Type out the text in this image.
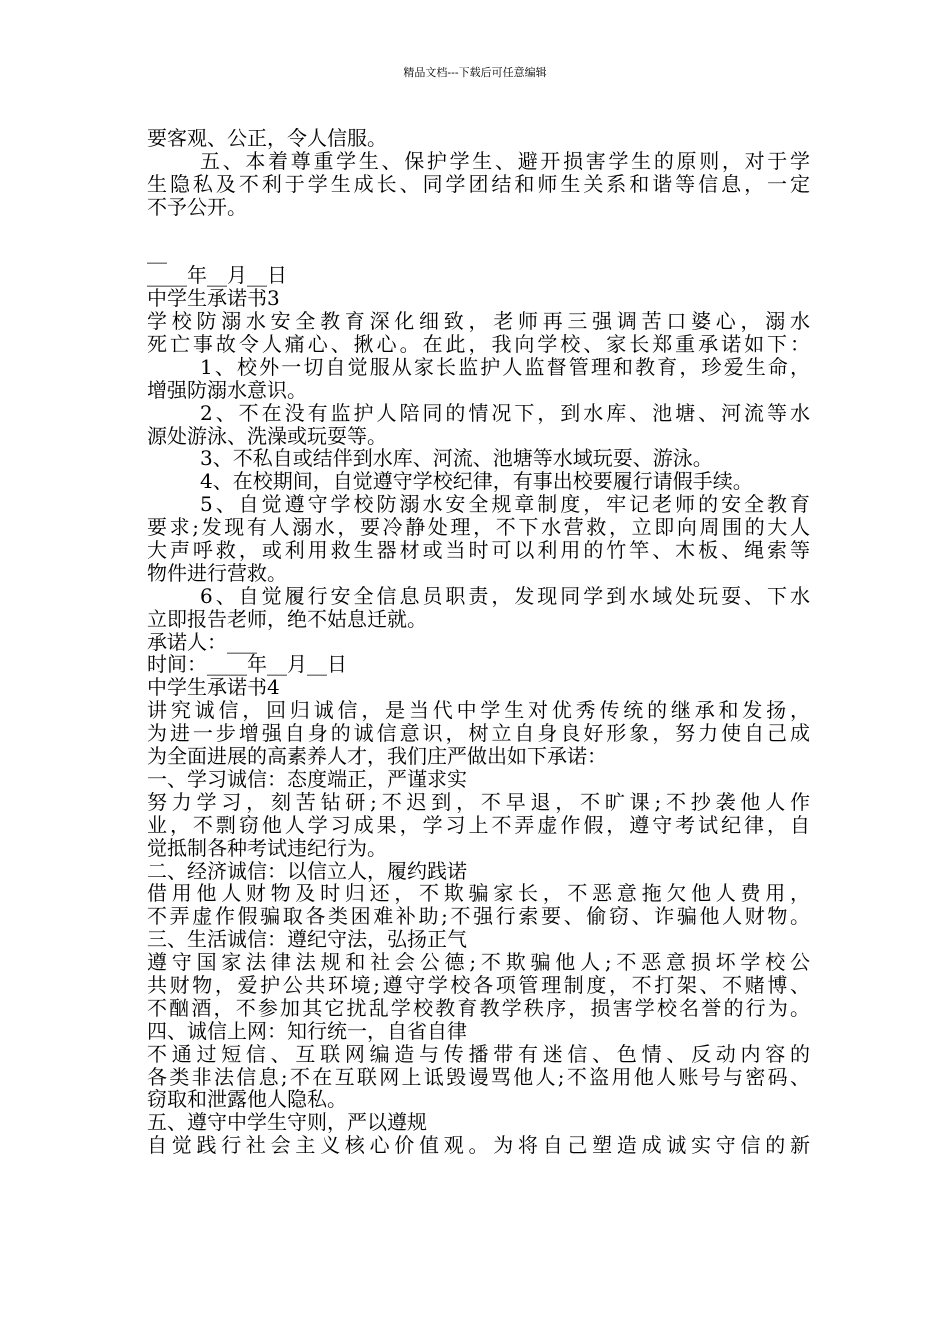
精品文档---下载后可任意编辑
要客观、公正，令人信服。
五、本着尊重学生、保护学生、避开损害学生的原则，对于学
生隐私及不利于学生成长、同学团结和师生关系和谐等信息，一定
不予公开。
__
____年__月__日
中学生承诺书3
学校防溺水安全教育深化细致，老师再三强调苦口婆心，溺水
死亡事故令人痛心、揪心。在此，我向学校、家长郑重承诺如下：
1、校外一切自觉服从家长监护人监督管理和教育，珍爱生命，
增强防溺水意识。
2、不在没有监护人陪同的情况下，到水库、池塘、河流等水
源处游泳、洗澡或玩耍等。
3、不私自或结伴到水库、河流、池塘等水域玩耍、游泳。
4、在校期间，自觉遵守学校纪律，有事出校要履行请假手续。
5、自觉遵守学校防溺水安全规章制度，牢记老师的安全教育
要求;发现有人溺水，要冷静处理，不下水营救，立即向周围的大人
大声呼救，或利用救生器材或当时可以利用的竹竿、木板、绳索等
物件进行营救。
6、自觉履行安全信息员职责，发现同学到水域处玩耍、下水
立即报告老师，绝不姑息迁就。
承诺人：___
时间：____年__月__日
中学生承诺书4
讲究诚信，回归诚信，是当代中学生对优秀传统的继承和发扬，
为进一步增强自身的诚信意识，树立自身良好形象，努力使自己成
为全面进展的高素养人才，我们庄严做出如下承诺：
一、学习诚信：态度端正，严谨求实
努力学习，刻苦钻研;不迟到，不早退，不旷课;不抄袭他人作
业，不剽窃他人学习成果，学习上不弄虚作假，遵守考试纪律，自
觉抵制各种考试违纪行为。
二、经济诚信：以信立人，履约践诺
借用他人财物及时归还，不欺骗家长，不恶意拖欠他人费用，
不弄虚作假骗取各类困难补助;不强行索要、偷窃、诈骗他人财物。
三、生活诚信：遵纪守法，弘扬正气
遵守国家法律法规和社会公德;不欺骗他人;不恶意损坏学校公
共财物，爱护公共环境;遵守学校各项管理制度，不打架、不赌博、
不酗酒，不参加其它扰乱学校教育教学秩序，损害学校名誉的行为。
四、诚信上网：知行统一，自省自律
不通过短信、互联网编造与传播带有迷信、色情、反动内容的
各类非法信息;不在互联网上诋毁谩骂他人;不盗用他人账号与密码、
窃取和泄露他人隐私。
五、遵守中学生守则，严以遵规
自觉践行社会主义核心价值观。为将自己塑造成诚实守信的新
